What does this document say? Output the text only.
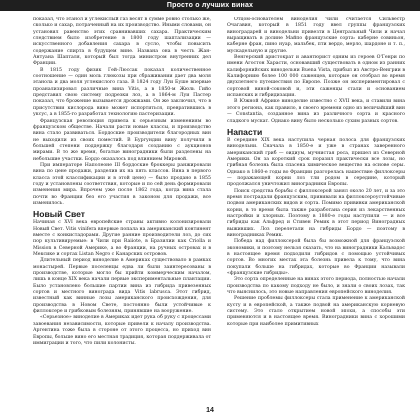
Просто о лучших винах

показал, что этанол и углекислый газ весят в сумме ровно столько же, сколько и сахар, потраченный на их производство. Иными словами, он установил равенство этих сравнивавших сахара. Практическим следствием было изобретение в 1800 году шаптализации — искусственного добавления сахара в сусло, чтобы повысить содержание спирта в будущем вине. Названа она в честь Жан-Антуана Шапталя, который был тогда министром внутренних дел Франции.

В 1815 году физик Гей-Люссак показал количественное соотношение — один моль глюкозы при сбраживании дает два моля этанола и два моля углекислого газа. В 1824 году Луи Бушe впервые проанализировал различные вина Vitis, а в 1850-м Жюль Гийо представил свою систему подрезки лоз, а в 1864-м Луи Пастер показал, что брожение вызывается дрожжами. Он же заключил, что в присутствии кислорода вино может испортиться, превратившись в уксус, а в 1855-го разработал технологию пастеризации.

Французская революция привела к серьезным изменениям во французском обществе. Начали расти новые классы, и производство вина стало развиваться. Бордоские производители благородных вин не выходили из своих поместий. В Бургундии вину получили в большей степени поддержку благодаря созданию с аукционов мирами. В то же время, богатые виноградники были разделены на небольшие участки. Бордо оказалось под влиянием Мировой.

При императоре Наполеоне III бордоские броккеры ранжировали вина по цене продажи, разделив их на пять классов. Вина в первого класса этой классификации и в этой цене) — было продано в 1855 году и установлены соответствия, которые и по сей день формировали изменения мира. Впрочем уже после 1862 года, когда вина стала почти во Франции без его участия в законом для продажи, все изменилось.

Новый Свет

Начиная с XVI века европейские страны активно колонизировали Новый Свет. Vitis vinifera впервые попала на американский континент вместе с конкистадорами. Другие ранние производители лоз, до сих пор культивируемые: в Чили при Raiiote, в Бразилии как Criolla и Mission в Северной Америке, а во Франции, на ручных островах и в Мексике и сортах Listan Negro с Канарских островов.

Длительный период виноделие в Америках существовало в рамках монастырей. Первые поселенцы едва ли были заинтересованы в производстве, которые могло бы прийти коммерческим началом, лишь в конце XIX века начали первые экспериментальные плантации. Было установлено большие партии вина из гибрида привезенных сортов и местного винограда вида Vitis labrusca. Этот гибрид, известный как винные лозы американского происхождения, для производства в Новом Свете, постоянно были устойчивые к филлоксере и грибковым болезням, принявшие на вооружение.

«Серьезное» виноделие в Америках идет рука об руку с процессами завоевания независимости, которые привели к началу производства. Аргентина тоже была в стороне от этого процесса, но приход вин Европы, больше вино его местная традиция, которая поддерживала от иммиграции и того, что пили колонисты.

Отцом-основателем виноделия Чили считается Сильвестр Очагавия, который в 1851 году ввел группы французских виноградарей и винодельни привезти в Центральный Чили и начал выращивать в долине Майпо французские сорта: каберне совиньон, каберне фран, пино нуар, мальбек, пти вердо, мерло, шардоне и т. п., мускадельную и другие.

Венгерский аристократ и авантюрист одним из героев О'Генри по имени Агостон Харасти, основавший существовать в одном из ранних калифорнийских винодельни Buena Vista, прибыл из Австро-Венгрии в Калифорнию более 100 000 саженцев, которые он отобрал во время двухлетнего путешествия по Европе. Позже он экспериментировал с сортовой виной-соковой и, эти саженцы стали и основанием испанских и гибридизации.

В Южной Африке виноделие известно с XVII века, и ставили вина этого региона, как правило, в своего времени одно из величайший вин — Constantia, созданное вина из различного сорта и красного сладкого мускат. Однако вину было несколько сухим разных сортов.

Напасти

В середине XIX века наступила черная полоса для французских винодельни. Сначала в 1850-е и уже в странах заверенного американский гриб — оидиум, мучнистая роса, пришел из Северной Америки. Он за короткий срок поразил практически все лозы, но грибная болезнь была спасена химическое вещество на основе серы. Однако в 1860-е годы во Франции разгорелась нашествие филлоксеры — поражающей корни лоз тли родом в середине, который продолжался уничтожил виноградники Европы.

Поиск средства борьбы с филлоксерой занял около 20 лет, и за это время пострадали французским, прививали на филлоксероустойчивые подвои американских видов и сорта. Помимо прививки американской корни, в то время была также разработана серия из лекарственных настройки и хлорных. Поэтому в 1880-е годы наступили — и все гибриды как Альфред и Стивен Ремик в этот период Виноградных выживших. Лоз перелетали на гибриды Бордо — поэтому в виноградниках Ремик.

Победа над филлоксерой была бы возможной для французской экономики, и поэтому нельзя сказать, что на виноградники Кальвадос в настоящее время подходили гибридов с помощью устойчивых сортов. Во многих местах эта болезнь привела к тому, что вина покупали больше на гибридах, которые во Франции называли «французские гибриды».

Это сорта определенные на винах этого периода, полностью начали производства по какому подходу не было, и знали о своих лозах, так что выяснилось, это новые направления европейского виноделия.

Решение проблемы филлоксеры стала применение к американской кусту и в европейской, а также подвой на американскую корневую систему. Это стало открытием новой эпохи, а способы эти применяются и в настоящее время. Виноградники вина с хорошими которые при наиболее примитивных

14
